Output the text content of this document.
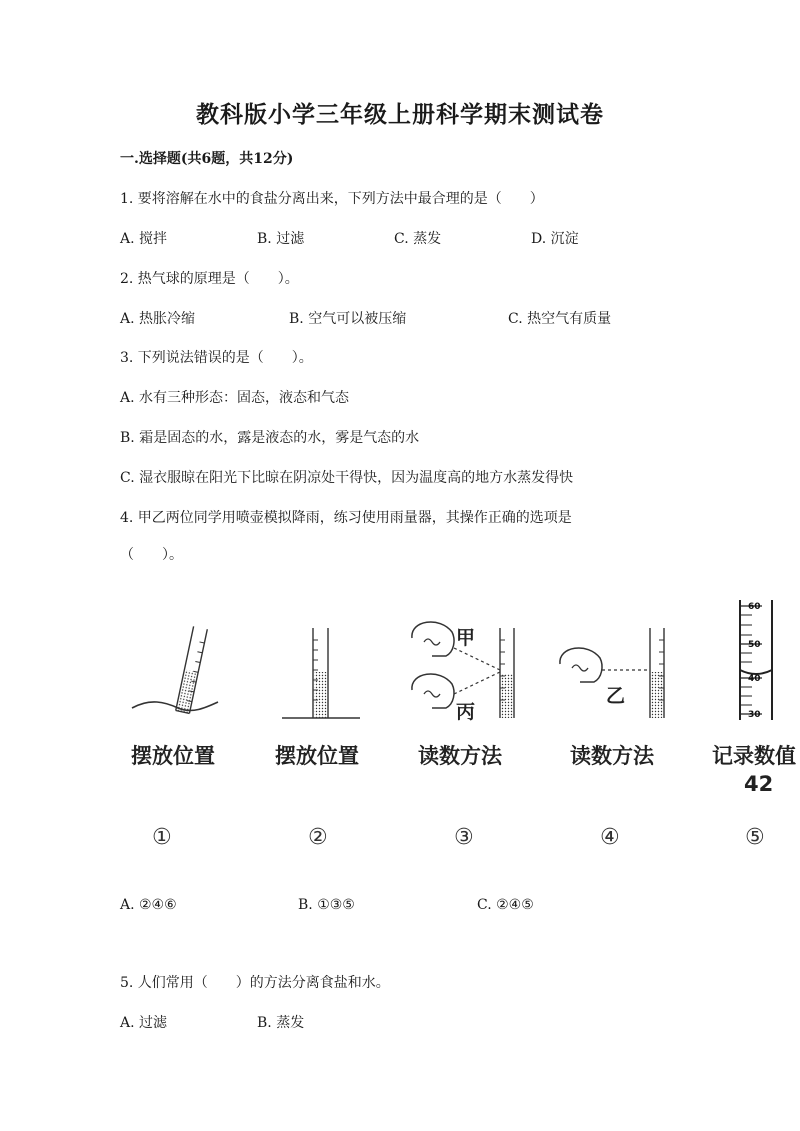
教科版小学三年级上册科学期末测试卷
一.选择题(共6题，共12分)
1. 要将溶解在水中的食盐分离出来，下列方法中最合理的是（　　）
A. 搅拌	B. 过滤	C. 蒸发	D. 沉淀
2. 热气球的原理是（　　）。
A. 热胀冷缩	B. 空气可以被压缩	C. 热空气有质量
3. 下列说法错误的是（　　）。
A. 水有三种形态：固态，液态和气态
B. 霜是固态的水，露是液态的水，雾是气态的水
C. 湿衣服晾在阳光下比晾在阴凉处干得快，因为温度高的地方水蒸发得快
4. 甲乙两位同学用喷壶模拟降雨，练习使用雨量器，其操作正确的选项是
（　　）。
甲
丙
乙
60
50
40
30
摆放位置	摆放位置	读数方法	读数方法	记录数值
42
①	②	③	④	⑤
A. ②④⑥	B. ①③⑤	C. ②④⑤
5. 人们常用（　　）的方法分离食盐和水。
A. 过滤	B. 蒸发
